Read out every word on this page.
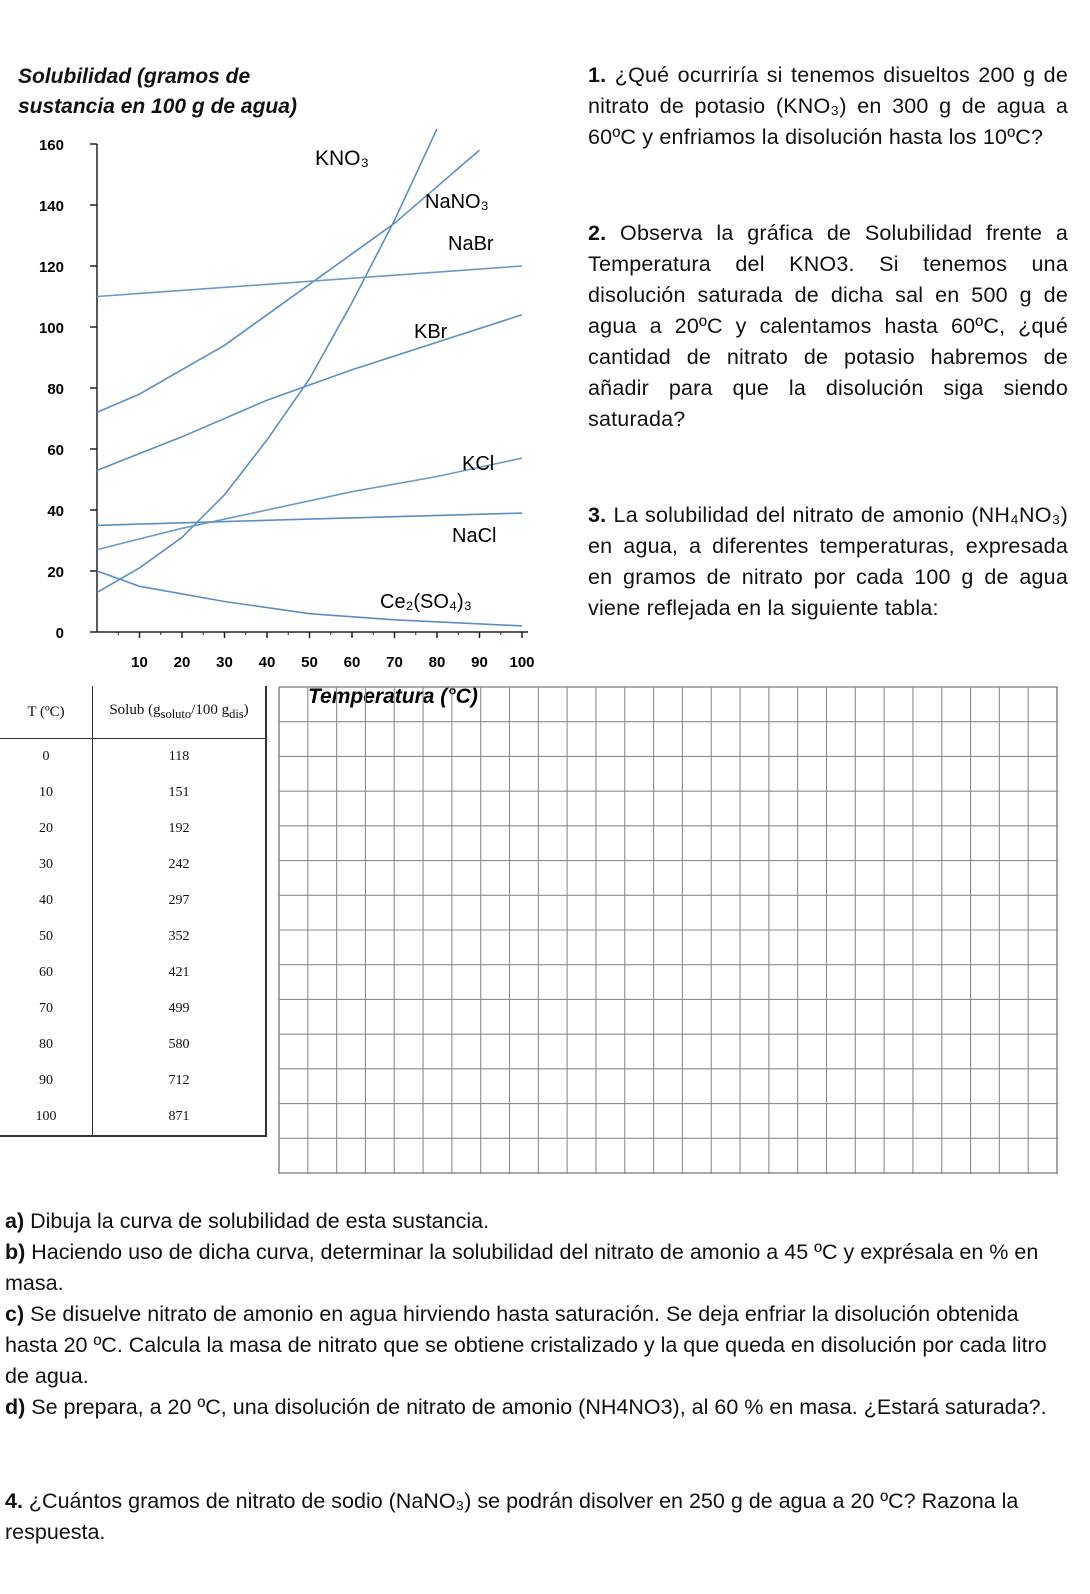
Solubilidad (gramos de
sustancia en 100 g de agua)
0
20
40
60
80
100
120
140
160
10 20 30 40 50 60 70 80 90 100
KNO₃
NaNO₃
NaBr
KBr
KCl
NaCl
Ce₂(SO₄)₃
Temperatura (°C)
1. ¿Qué ocurriría si tenemos disueltos 200 g de nitrato de potasio (KNO₃) en 300 g de agua a 60ºC y enfriamos la disolución hasta los 10ºC?
2. Observa la gráfica de Solubilidad frente a Temperatura del KNO3. Si tenemos una disolución saturada de dicha sal en 500 g de agua a 20ºC y calentamos hasta 60ºC, ¿qué cantidad de nitrato de potasio habremos de añadir para que la disolución siga siendo saturada?
3. La solubilidad del nitrato de amonio (NH₄NO₃) en agua, a diferentes temperaturas, expresada en gramos de nitrato por cada 100 g de agua viene reflejada en la siguiente tabla:
T (ºC)	Solub ($g_{soluto}/100$ $g_{dis}$)
0	118
10	151
20	192
30	242
40	297
50	352
60	421
70	499
80	580
90	712
100	871
a) Dibuja la curva de solubilidad de esta sustancia.
b) Haciendo uso de dicha curva, determinar la solubilidad del nitrato de amonio a 45 ºC y exprésala en % en masa.
c) Se disuelve nitrato de amonio en agua hirviendo hasta saturación. Se deja enfriar la disolución obtenida hasta 20 ºC. Calcula la masa de nitrato que se obtiene cristalizado y la que queda en disolución por cada litro de agua.
d) Se prepara, a 20 ºC, una disolución de nitrato de amonio (NH4NO3), al 60 % en masa. ¿Estará saturada?.
4. ¿Cuántos gramos de nitrato de sodio (NaNO₃) se podrán disolver en 250 g de agua a 20 ºC? Razona la respuesta.
